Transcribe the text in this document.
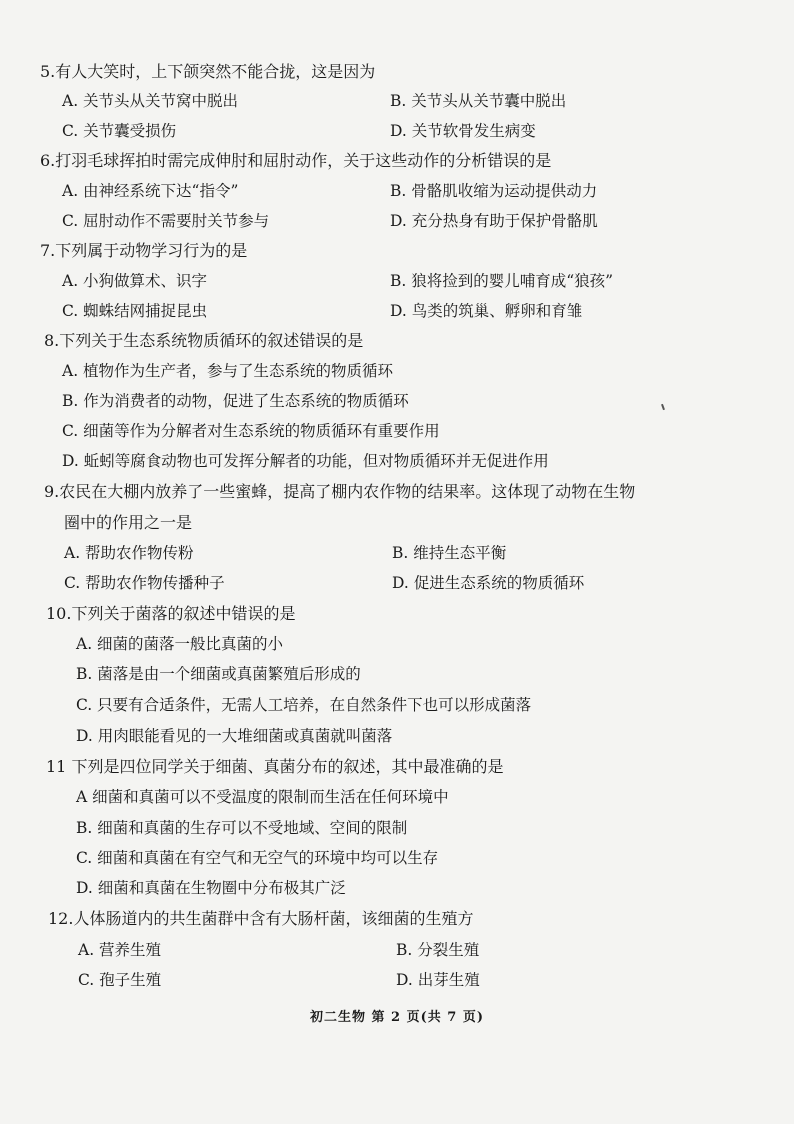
5.有人大笑时，上下颌突然不能合拢，这是因为
A. 关节头从关节窝中脱出	B. 关节头从关节囊中脱出
C. 关节囊受损伤	D. 关节软骨发生病变
6.打羽毛球挥拍时需完成伸肘和屈肘动作，关于这些动作的分析错误的是
A. 由神经系统下达“指令”	B. 骨骼肌收缩为运动提供动力
C. 屈肘动作不需要肘关节参与	D. 充分热身有助于保护骨骼肌
7.下列属于动物学习行为的是
A. 小狗做算术、识字	B. 狼将捡到的婴儿哺育成“狼孩”
C. 蜘蛛结网捕捉昆虫	D. 鸟类的筑巢、孵卵和育雏
8.下列关于生态系统物质循环的叙述错误的是
A. 植物作为生产者，参与了生态系统的物质循环
B. 作为消费者的动物，促进了生态系统的物质循环
C. 细菌等作为分解者对生态系统的物质循环有重要作用
D. 蚯蚓等腐食动物也可发挥分解者的功能，但对物质循环并无促进作用
9.农民在大棚内放养了一些蜜蜂，提高了棚内农作物的结果率。这体现了动物在生物
圈中的作用之一是
A. 帮助农作物传粉	B. 维持生态平衡
C. 帮助农作物传播种子	D. 促进生态系统的物质循环
10.下列关于菌落的叙述中错误的是
A. 细菌的菌落一般比真菌的小
B. 菌落是由一个细菌或真菌繁殖后形成的
C. 只要有合适条件，无需人工培养，在自然条件下也可以形成菌落
D. 用肉眼能看见的一大堆细菌或真菌就叫菌落
11 下列是四位同学关于细菌、真菌分布的叙述，其中最准确的是
A 细菌和真菌可以不受温度的限制而生活在任何环境中
B. 细菌和真菌的生存可以不受地域、空间的限制
C. 细菌和真菌在有空气和无空气的环境中均可以生存
D. 细菌和真菌在生物圈中分布极其广泛
12.人体肠道内的共生菌群中含有大肠杆菌，该细菌的生殖方
A. 营养生殖	B. 分裂生殖
C. 孢子生殖	D. 出芽生殖
初二生物 第 2 页(共 7 页)
